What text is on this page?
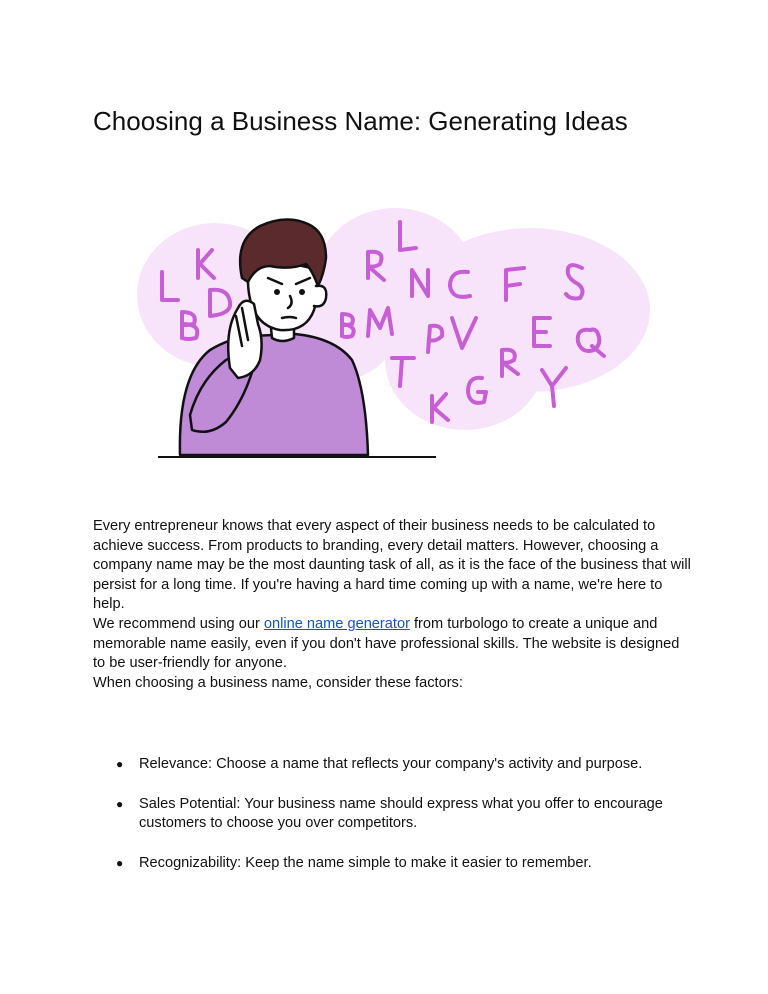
Choosing a Business Name: Generating Ideas

Every entrepreneur knows that every aspect of their business needs to be calculated to achieve success. From products to branding, every detail matters. However, choosing a company name may be the most daunting task of all, as it is the face of the business that will persist for a long time. If you're having a hard time coming up with a name, we're here to help.

We recommend using our online name generator from turbologo to create a unique and memorable name easily, even if you don't have professional skills. The website is designed to be user-friendly for anyone.

When choosing a business name, consider these factors:

● Relevance: Choose a name that reflects your company's activity and purpose.
● Sales Potential: Your business name should express what you offer to encourage customers to choose you over competitors.
● Recognizability: Keep the name simple to make it easier to remember.
